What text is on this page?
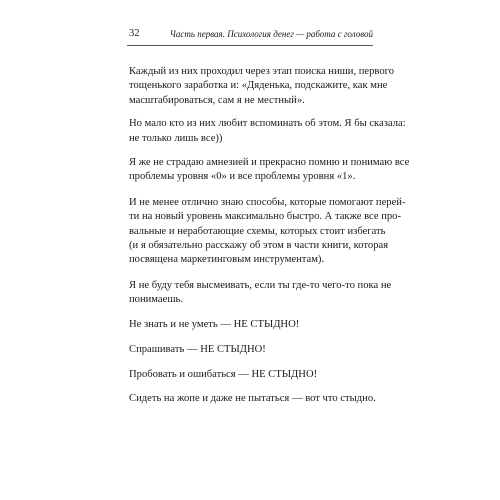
32	Часть первая. Психология денег — работа с головой

Каждый из них проходил через этап поиска ниши, первого
тощенького заработка и: «Дяденька, подскажите, как мне
масштабироваться, сам я не местный».

Но мало кто из них любит вспоминать об этом. Я бы сказала:
не только лишь все))

Я же не страдаю амнезией и прекрасно помню и понимаю все
проблемы уровня «0» и все проблемы уровня «1».

И не менее отлично знаю способы, которые помогают перей-
ти на новый уровень максимально быстро. А также все про-
вальные и неработающие схемы, которых стоит избегать
(и я обязательно расскажу об этом в части книги, которая
посвящена маркетинговым инструментам).

Я не буду тебя высмеивать, если ты где-то чего-то пока не
понимаешь.

Не знать и не уметь — НЕ СТЫДНО!

Спрашивать — НЕ СТЫДНО!

Пробовать и ошибаться — НЕ СТЫДНО!

Сидеть на жопе и даже не пытаться — вот что стыдно.
